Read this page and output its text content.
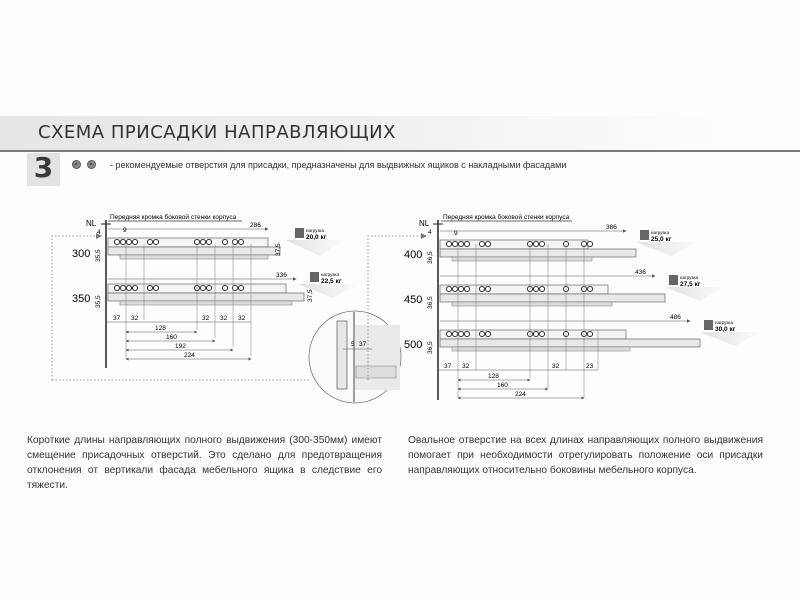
СХЕМА ПРИСАДКИ НАПРАВЛЯЮЩИХ
3	- рекомендуемые отверстия для присадки, предназначены для выдвижных ящиков с накладными фасадами
NL
Передняя кромка боковой стенки корпуса
4	9
300 35,5
286
37,5
350 35,5
336
37,5
37 32	32 32 32
128
160
192
224
нагрузка
20,0 кг
нагрузка
22,5 кг
5 37
NL
Передняя кромка боковой стенки корпуса
4	9
400 36,5
386
нагрузка
25,0 кг
450 36,5
436
нагрузка
27,5 кг
500 36,5
486
нагрузка
30,0 кг
37 32	32	23
128
160
224
Короткие длины направляющих полного выдвижения (300-350мм) имеют смещение присадочных отверстий. Это сделано для предотвращения отклонения от вертикали фасада мебельного ящика в следствие его тяжести.
Овальное отверстие на всех длинах направляющих полного выдвижения помогает при необходимости отрегулировать положение оси присадки направляющих относительно боковины мебельного корпуса.
